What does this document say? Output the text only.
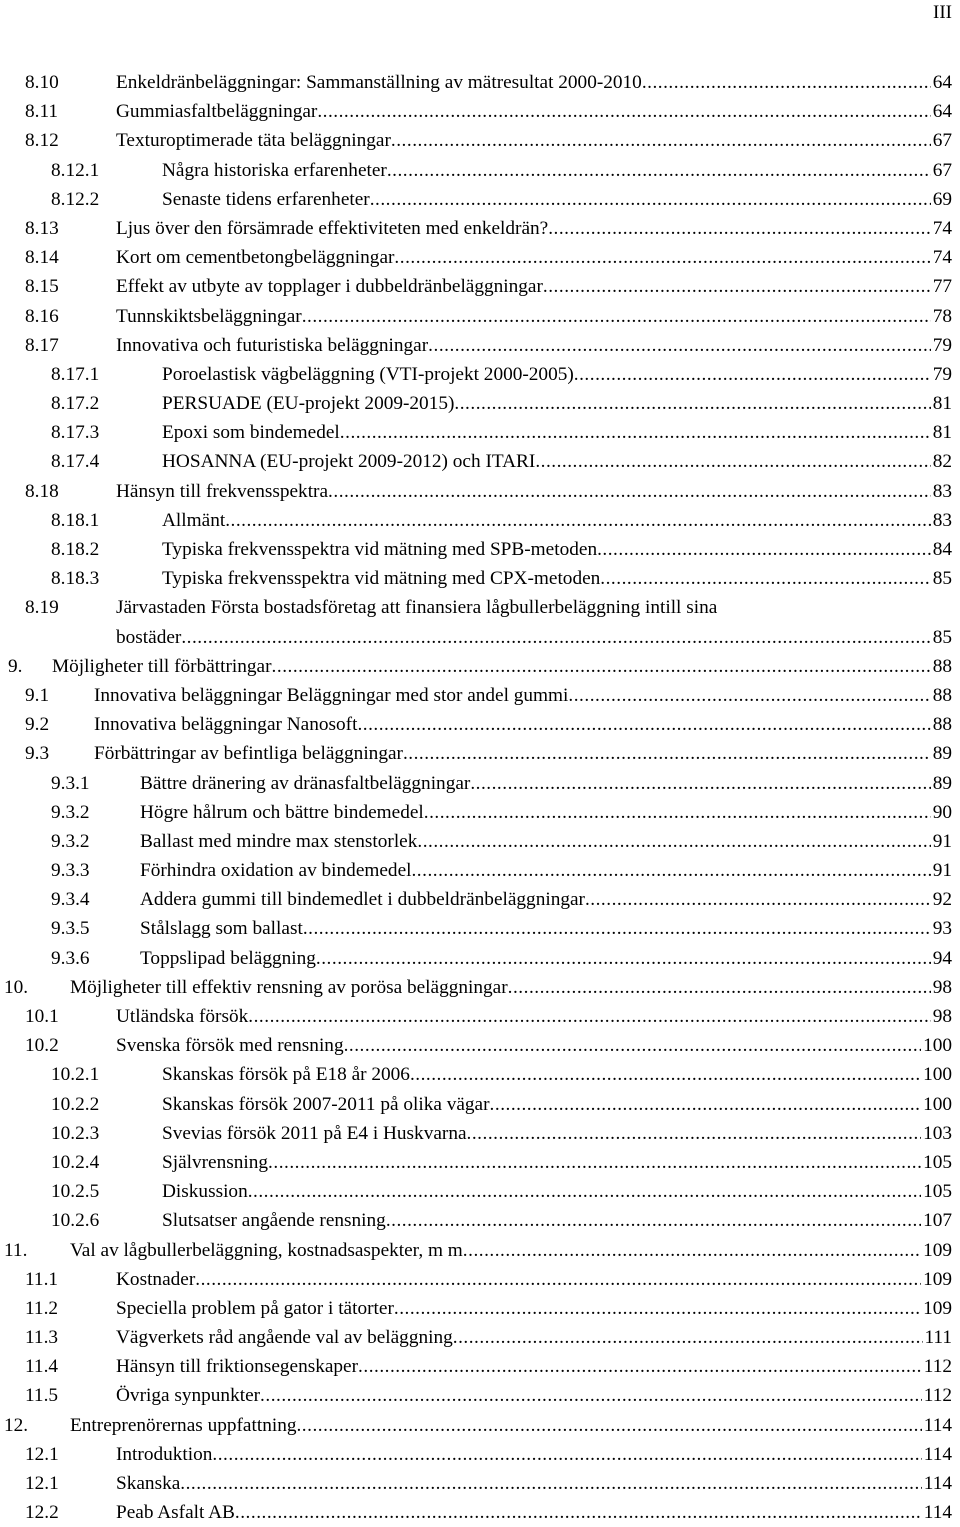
III
8.10	Enkeldränbeläggningar: Sammanställning av mätresultat 2000-2010 .....	64
8.11	Gummiasfaltbeläggningar .....	64
8.12	Texturoptimerade täta beläggningar .....	67
8.12.1	Några historiska erfarenheter .....	67
8.12.2	Senaste tidens erfarenheter .....	69
8.13	Ljus över den försämrade effektiviteten med enkeldrän? .....	74
8.14	Kort om cementbetongbeläggningar .....	74
8.15	Effekt av utbyte av topplager i dubbeldränbeläggningar .....	77
8.16	Tunnskiktsbeläggningar .....	78
8.17	Innovativa och futuristiska beläggningar .....	79
8.17.1	Poroelastisk vägbeläggning (VTI-projekt 2000-2005) .....	79
8.17.2	PERSUADE (EU-projekt 2009-2015) .....	81
8.17.3	Epoxi som bindemedel .....	81
8.17.4	HOSANNA (EU-projekt 2009-2012) och ITARI .....	82
8.18	Hänsyn till frekvensspektra .....	83
8.18.1	Allmänt .....	83
8.18.2	Typiska frekvensspektra vid mätning med SPB-metoden .....	84
8.18.3	Typiska frekvensspektra vid mätning med CPX-metoden .....	85
8.19	Järvastaden Första bostadsföretag att finansiera lågbullerbeläggning intill sina
bostäder .....	85
9. Möjligheter till förbättringar .....	88
9.1 Innovativa beläggningar Beläggningar med stor andel gummi .....	88
9.2 Innovativa beläggningar Nanosoft .....	88
9.3 Förbättringar av befintliga beläggningar .....	89
9.3.1	Bättre dränering av dränasfaltbeläggningar .....	89
9.3.2	Högre hålrum och bättre bindemedel .....	90
9.3.2	Ballast med mindre max stenstorlek .....	91
9.3.3	Förhindra oxidation av bindemedel .....	91
9.3.4	Addera gummi till bindemedlet i dubbeldränbeläggningar .....	92
9.3.5	Stålslagg som ballast .....	93
9.3.6	Toppslipad beläggning .....	94
10. Möjligheter till effektiv rensning av porösa beläggningar .....	98
10.1	Utländska försök .....	98
10.2	Svenska försök med rensning .....	100
10.2.1	Skanskas försök på E18 år 2006 .....	100
10.2.2	Skanskas försök 2007-2011 på olika vägar .....	100
10.2.3	Svevias försök 2011 på E4 i Huskvarna .....	103
10.2.4	Självrensning .....	105
10.2.5	Diskussion .....	105
10.2.6	Slutsatser angående rensning .....	107
11. Val av lågbullerbeläggning, kostnadsaspekter, m m .....	109
11.1	Kostnader .....	109
11.2	Speciella problem på gator i tätorter .....	109
11.3	Vägverkets råd angående val av beläggning .....	111
11.4	Hänsyn till friktionsegenskaper .....	112
11.5	Övriga synpunkter .....	112
12. Entreprenörernas uppfattning .....	114
12.1	Introduktion .....	114
12.1	Skanska .....	114
12.2	Peab Asfalt AB .....	114
